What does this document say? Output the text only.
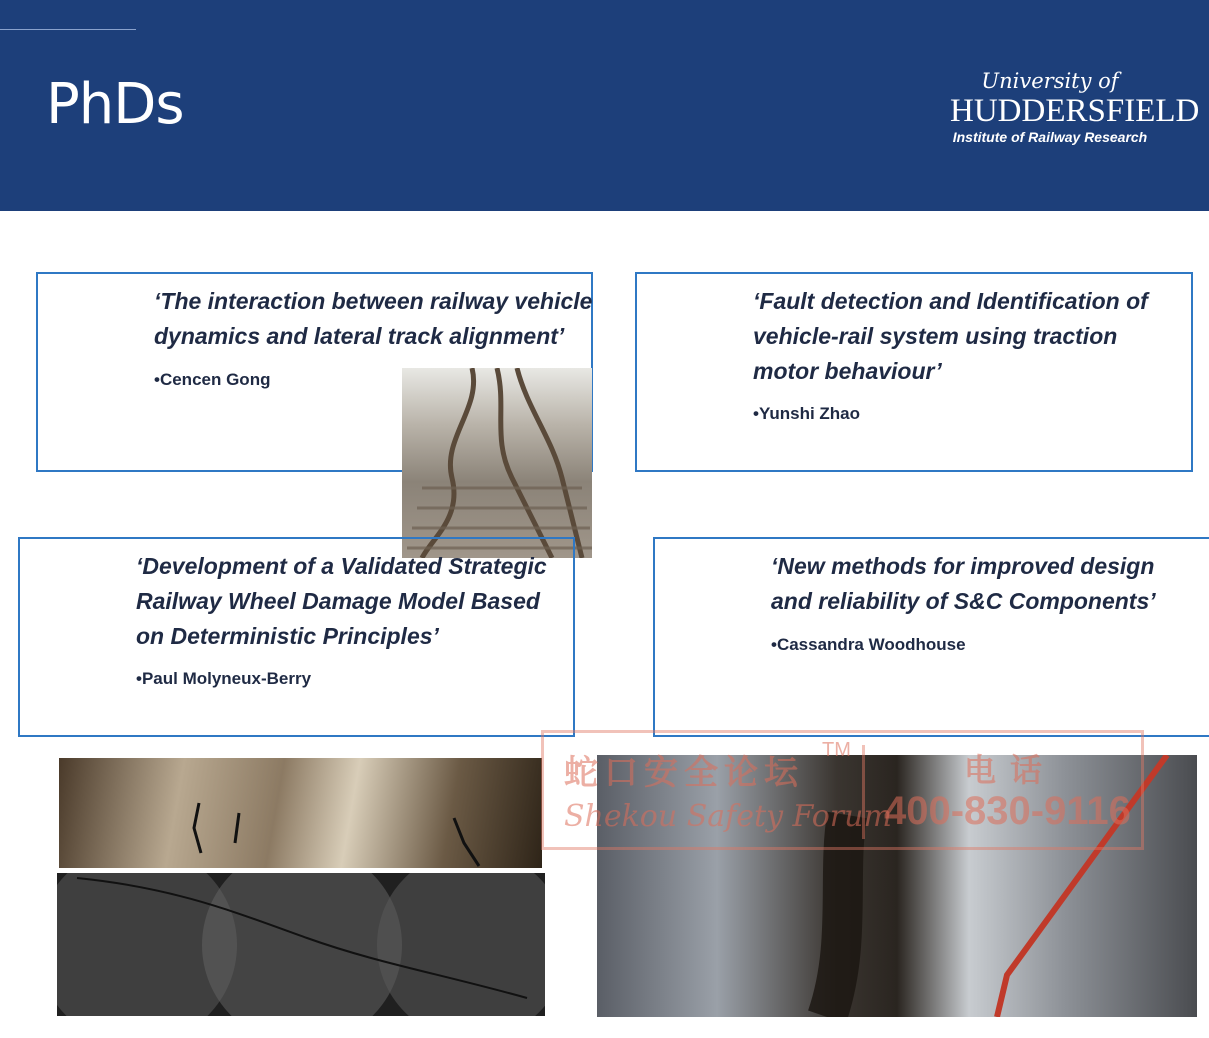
PhDs	University of
HUDDERSFIELD
Institute of Railway Research
‘The interaction between railway vehicle dynamics and lateral track alignment’
•Cencen Gong
‘Fault detection and Identification of vehicle-rail system using traction motor behaviour’
•Yunshi Zhao
‘Development of a Validated Strategic Railway Wheel Damage Model Based on Deterministic Principles’
•Paul Molyneux-Berry
‘New methods for improved design and reliability of S&C Components’
•Cassandra Woodhouse
蛇口安全论坛
TM
Shekou Safety Forum
电话
400-830-9116
